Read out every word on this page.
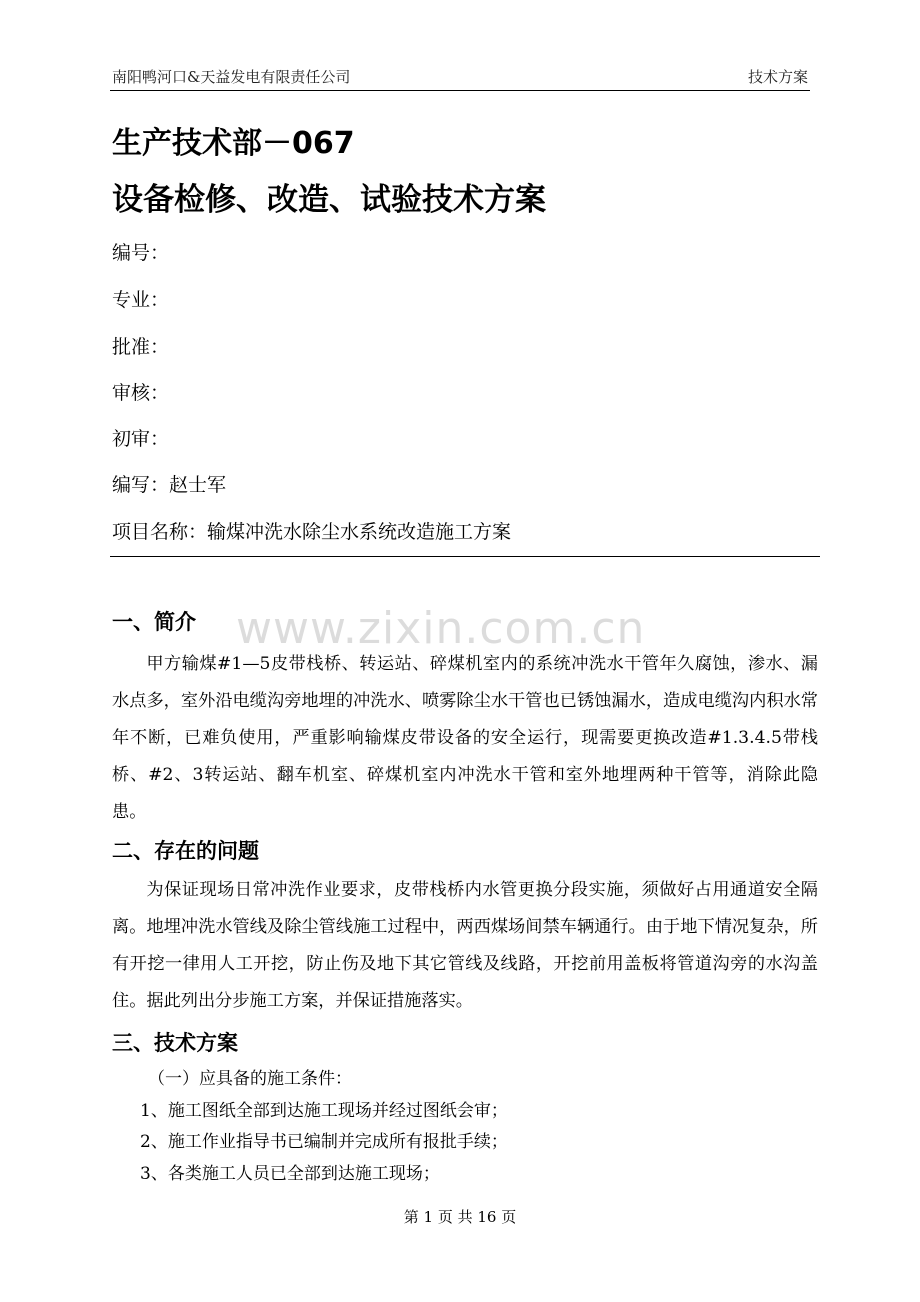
南阳鸭河口&天益发电有限责任公司	技术方案
生产技术部－067
设备检修、改造、试验技术方案
编号：
专业：
批准：
审核：
初审：
编写：赵士军
项目名称：输煤冲洗水除尘水系统改造施工方案
www.zixin.com.cn
一、简介

甲方输煤#1—5皮带栈桥、转运站、碎煤机室内的系统冲洗水干管年久腐蚀，渗水、漏水点多，室外沿电缆沟旁地埋的冲洗水、喷雾除尘水干管也已锈蚀漏水，造成电缆沟内积水常年不断，已难负使用，严重影响输煤皮带设备的安全运行，现需要更换改造#1.3.4.5带栈桥、#2、3转运站、翻车机室、碎煤机室内冲洗水干管和室外地埋两种干管等，消除此隐患。

二、存在的问题

为保证现场日常冲洗作业要求，皮带栈桥内水管更换分段实施，须做好占用通道安全隔离。地埋冲洗水管线及除尘管线施工过程中，两西煤场间禁车辆通行。由于地下情况复杂，所有开挖一律用人工开挖，防止伤及地下其它管线及线路，开挖前用盖板将管道沟旁的水沟盖住。据此列出分步施工方案，并保证措施落实。

三、技术方案
（一）应具备的施工条件：
1、施工图纸全部到达施工现场并经过图纸会审；
2、施工作业指导书已编制并完成所有报批手续；
3、各类施工人员已全部到达施工现场；
第 1 页 共 16 页
